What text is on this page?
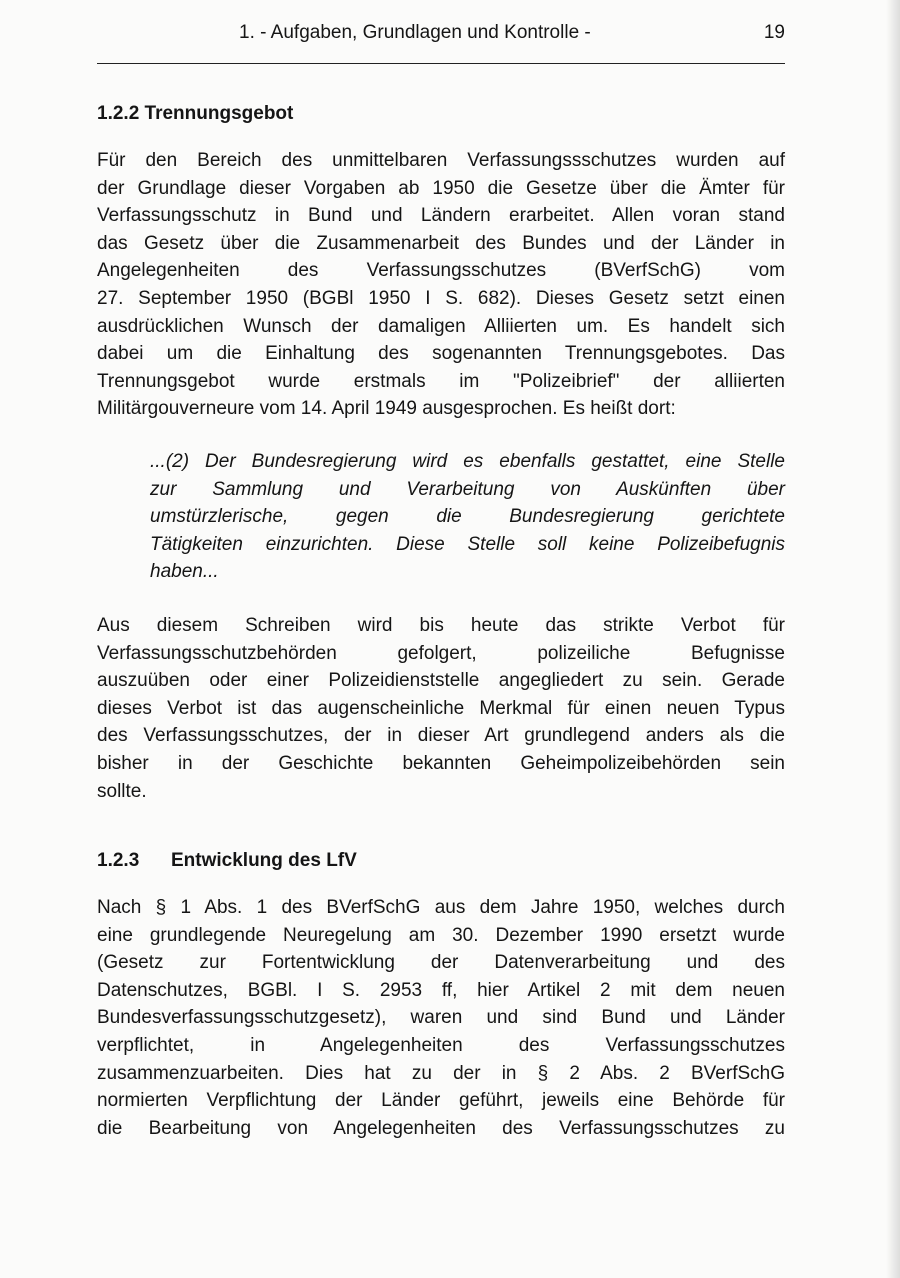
1. - Aufgaben, Grundlagen und Kontrolle -	19
1.2.2 Trennungsgebot
Für den Bereich des unmittelbaren Verfassungssschutzes wurden auf
der Grundlage dieser Vorgaben ab 1950 die Gesetze über die Ämter für
Verfassungsschutz in Bund und Ländern erarbeitet. Allen voran stand
das Gesetz über die Zusammenarbeit des Bundes und der Länder in
Angelegenheiten des Verfassungsschutzes (BVerfSchG) vom
27. September 1950 (BGBl 1950 I S. 682). Dieses Gesetz setzt einen
ausdrücklichen Wunsch der damaligen Alliierten um. Es handelt sich
dabei um die Einhaltung des sogenannten Trennungsgebotes. Das
Trennungsgebot wurde erstmals im "Polizeibrief" der alliierten
Militärgouverneure vom 14. April 1949 ausgesprochen. Es heißt dort:
...(2) Der Bundesregierung wird es ebenfalls gestattet, eine Stelle
zur Sammlung und Verarbeitung von Auskünften über
umstürzlerische, gegen die Bundesregierung gerichtete
Tätigkeiten einzurichten. Diese Stelle soll keine Polizeibefugnis
haben...
Aus diesem Schreiben wird bis heute das strikte Verbot für
Verfassungsschutzbehörden gefolgert, polizeiliche Befugnisse
auszuüben oder einer Polizeidienststelle angegliedert zu sein. Gerade
dieses Verbot ist das augenscheinliche Merkmal für einen neuen Typus
des Verfassungsschutzes, der in dieser Art grundlegend anders als die
bisher in der Geschichte bekannten Geheimpolizeibehörden sein
sollte.
1.2.3 Entwicklung des LfV
Nach § 1 Abs. 1 des BVerfSchG aus dem Jahre 1950, welches durch
eine grundlegende Neuregelung am 30. Dezember 1990 ersetzt wurde
(Gesetz zur Fortentwicklung der Datenverarbeitung und des
Datenschutzes, BGBl. I S. 2953 ff, hier Artikel 2 mit dem neuen
Bundesverfassungsschutzgesetz), waren und sind Bund und Länder
verpflichtet, in Angelegenheiten des Verfassungsschutzes
zusammenzuarbeiten. Dies hat zu der in § 2 Abs. 2 BVerfSchG
normierten Verpflichtung der Länder geführt, jeweils eine Behörde für
die Bearbeitung von Angelegenheiten des Verfassungsschutzes zu
